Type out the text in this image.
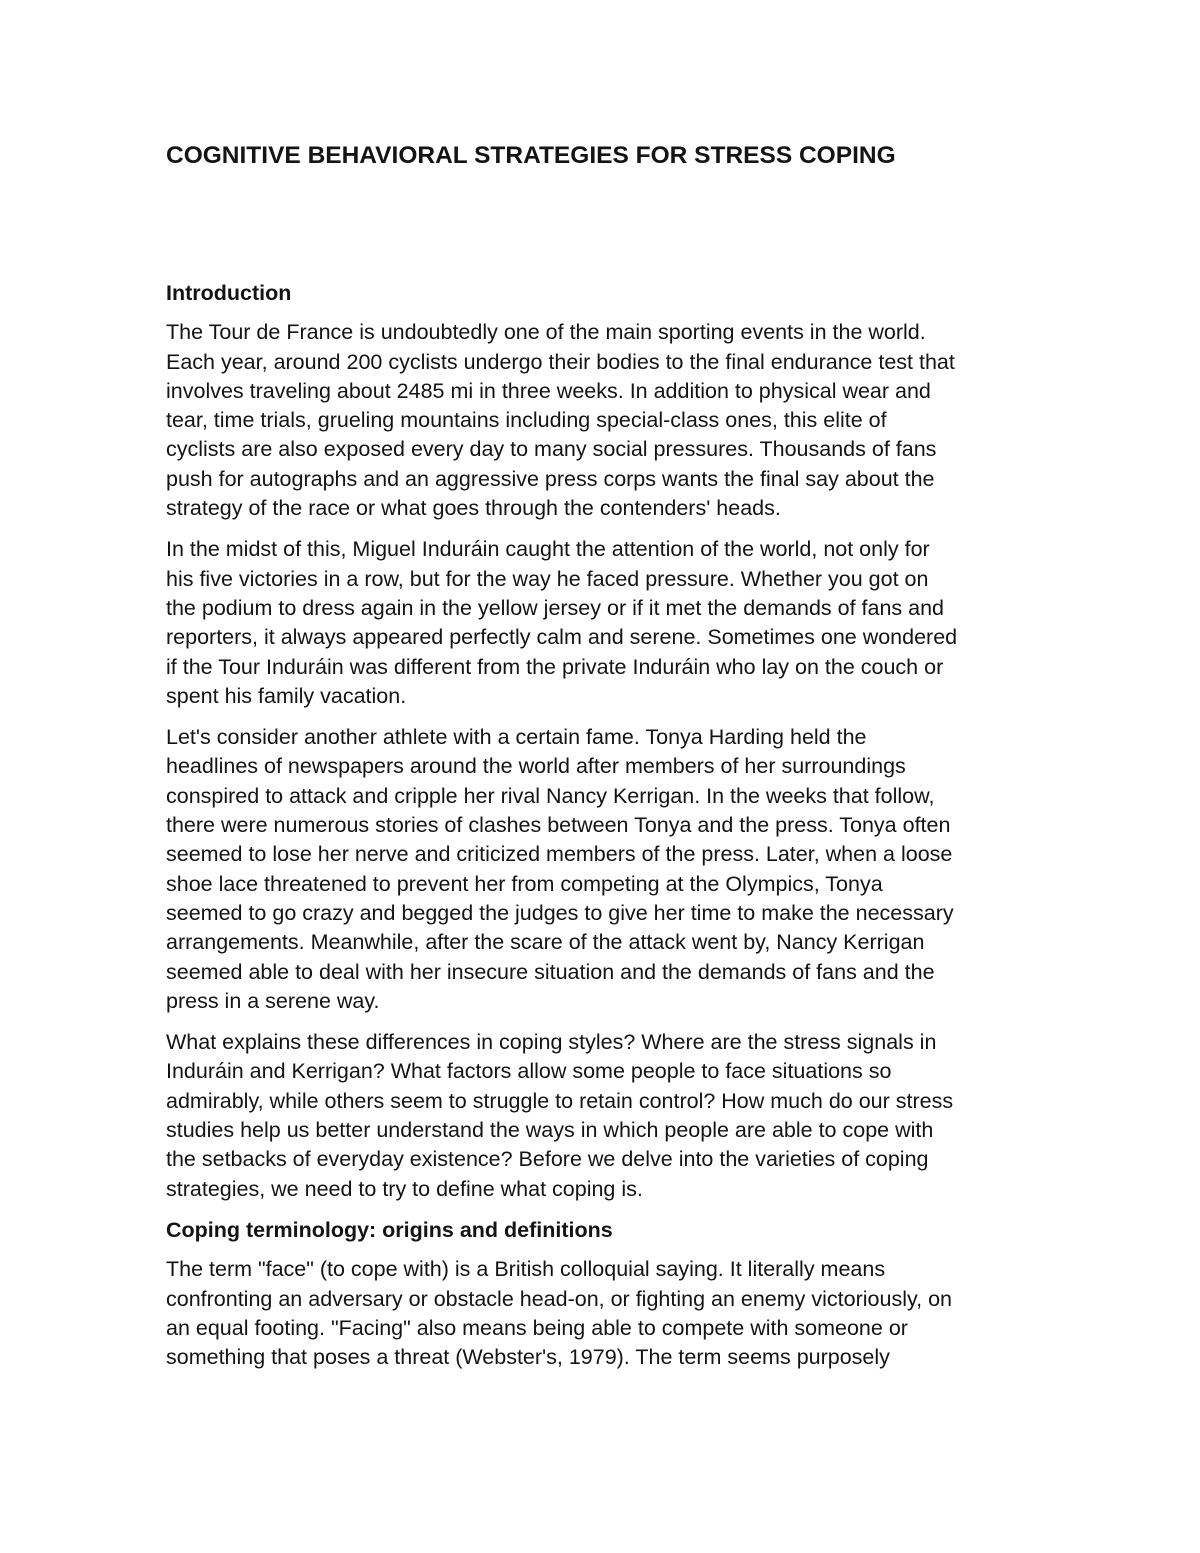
COGNITIVE BEHAVIORAL STRATEGIES FOR STRESS COPING
Introduction

The Tour de France is undoubtedly one of the main sporting events in the world.
Each year, around 200 cyclists undergo their bodies to the final endurance test that
involves traveling about 2485 mi in three weeks. In addition to physical wear and
tear, time trials, grueling mountains including special-class ones, this elite of
cyclists are also exposed every day to many social pressures. Thousands of fans
push for autographs and an aggressive press corps wants the final say about the
strategy of the race or what goes through the contenders' heads.

In the midst of this, Miguel Induráin caught the attention of the world, not only for
his five victories in a row, but for the way he faced pressure. Whether you got on
the podium to dress again in the yellow jersey or if it met the demands of fans and
reporters, it always appeared perfectly calm and serene. Sometimes one wondered
if the Tour Induráin was different from the private Induráin who lay on the couch or
spent his family vacation.

Let's consider another athlete with a certain fame. Tonya Harding held the
headlines of newspapers around the world after members of her surroundings
conspired to attack and cripple her rival Nancy Kerrigan. In the weeks that follow,
there were numerous stories of clashes between Tonya and the press. Tonya often
seemed to lose her nerve and criticized members of the press. Later, when a loose
shoe lace threatened to prevent her from competing at the Olympics, Tonya
seemed to go crazy and begged the judges to give her time to make the necessary
arrangements. Meanwhile, after the scare of the attack went by, Nancy Kerrigan
seemed able to deal with her insecure situation and the demands of fans and the
press in a serene way.

What explains these differences in coping styles? Where are the stress signals in
Induráin and Kerrigan? What factors allow some people to face situations so
admirably, while others seem to struggle to retain control? How much do our stress
studies help us better understand the ways in which people are able to cope with
the setbacks of everyday existence? Before we delve into the varieties of coping
strategies, we need to try to define what coping is.

Coping terminology: origins and definitions

The term "face" (to cope with) is a British colloquial saying. It literally means
confronting an adversary or obstacle head-on, or fighting an enemy victoriously, on
an equal footing. "Facing" also means being able to compete with someone or
something that poses a threat (Webster's, 1979). The term seems purposely
